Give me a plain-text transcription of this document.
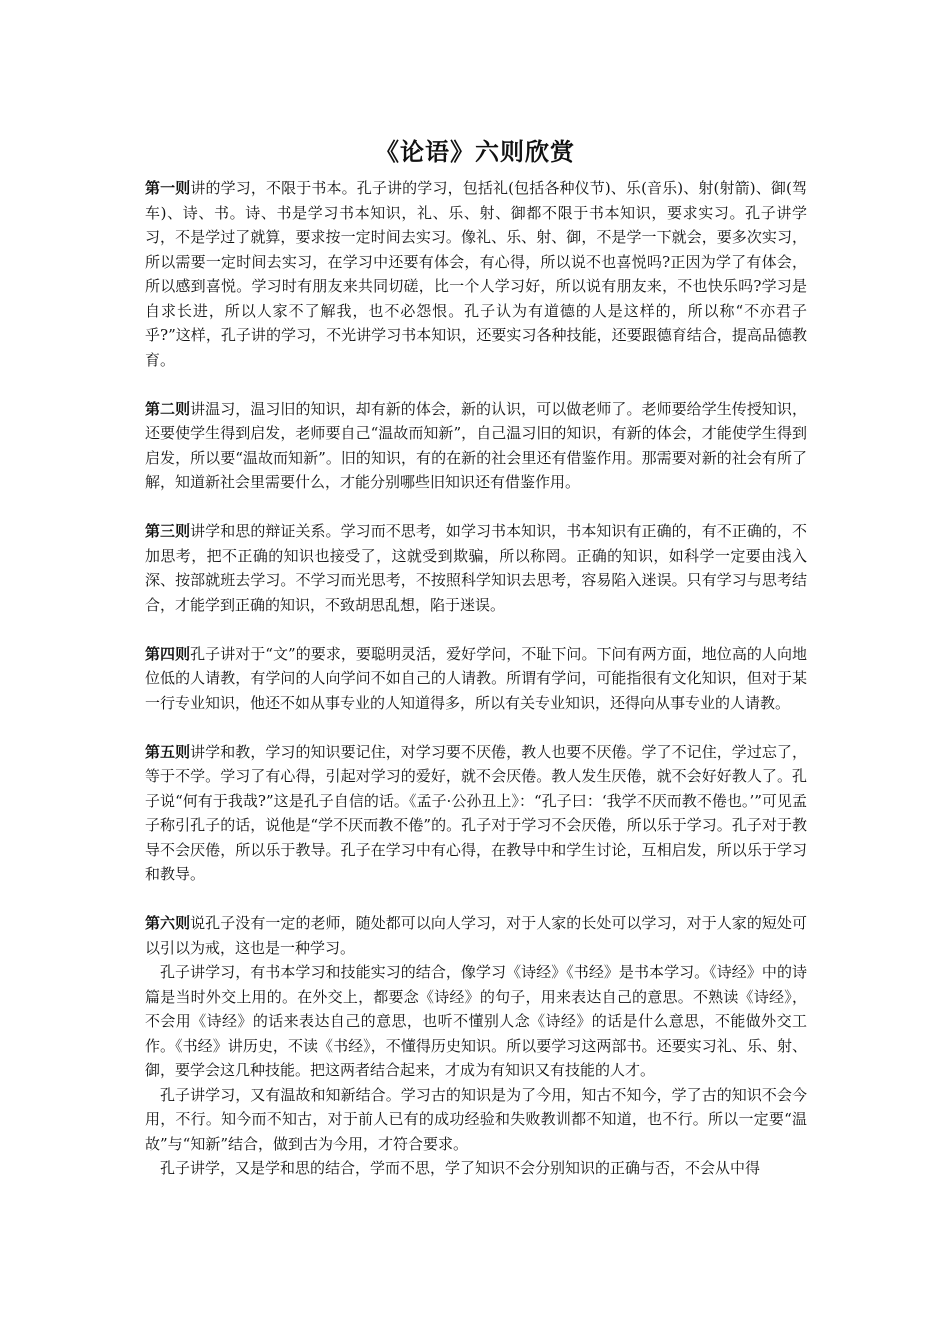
《论语》六则欣赏

第一则讲的学习，不限于书本。孔子讲的学习，包括礼(包括各种仪节)、乐(音乐)、射(射箭)、御(驾车)、诗、书。诗、书是学习书本知识，礼、乐、射、御都不限于书本知识，要求实习。孔子讲学习，不是学过了就算，要求按一定时间去实习。像礼、乐、射、御，不是学一下就会，要多次实习，所以需要一定时间去实习，在学习中还要有体会，有心得，所以说不也喜悦吗?正因为学了有体会，所以感到喜悦。学习时有朋友来共同切磋，比一个人学习好，所以说有朋友来，不也快乐吗?学习是自求长进，所以人家不了解我，也不必怨恨。孔子认为有道德的人是这样的，所以称“不亦君子乎?”这样，孔子讲的学习，不光讲学习书本知识，还要实习各种技能，还要跟德育结合，提高品德教育。

第二则讲温习，温习旧的知识，却有新的体会，新的认识，可以做老师了。老师要给学生传授知识，还要使学生得到启发，老师要自己“温故而知新”，自己温习旧的知识，有新的体会，才能使学生得到启发，所以要“温故而知新”。旧的知识，有的在新的社会里还有借鉴作用。那需要对新的社会有所了解，知道新社会里需要什么，才能分别哪些旧知识还有借鉴作用。

第三则讲学和思的辩证关系。学习而不思考，如学习书本知识，书本知识有正确的，有不正确的，不加思考，把不正确的知识也接受了，这就受到欺骗，所以称罔。正确的知识，如科学一定要由浅入深、按部就班去学习。不学习而光思考，不按照科学知识去思考，容易陷入迷误。只有学习与思考结合，才能学到正确的知识，不致胡思乱想，陷于迷误。

第四则孔子讲对于“文”的要求，要聪明灵活，爱好学问，不耻下问。下问有两方面，地位高的人向地位低的人请教，有学问的人向学问不如自己的人请教。所谓有学问，可能指很有文化知识，但对于某一行专业知识，他还不如从事专业的人知道得多，所以有关专业知识，还得向从事专业的人请教。

第五则讲学和教，学习的知识要记住，对学习要不厌倦，教人也要不厌倦。学了不记住，学过忘了，等于不学。学习了有心得，引起对学习的爱好，就不会厌倦。教人发生厌倦，就不会好好教人了。孔子说“何有于我哉?”这是孔子自信的话。《孟子·公孙丑上》：“孔子曰：‘我学不厌而教不倦也。’”可见孟子称引孔子的话，说他是“学不厌而教不倦”的。孔子对于学习不会厌倦，所以乐于学习。孔子对于教导不会厌倦，所以乐于教导。孔子在学习中有心得，在教导中和学生讨论，互相启发，所以乐于学习和教导。

第六则说孔子没有一定的老师，随处都可以向人学习，对于人家的长处可以学习，对于人家的短处可以引以为戒，这也是一种学习。

孔子讲学习，有书本学习和技能实习的结合，像学习《诗经》《书经》是书本学习。《诗经》中的诗篇是当时外交上用的。在外交上，都要念《诗经》的句子，用来表达自己的意思。不熟读《诗经》，不会用《诗经》的话来表达自己的意思，也听不懂别人念《诗经》的话是什么意思，不能做外交工作。《书经》讲历史，不读《书经》，不懂得历史知识。所以要学习这两部书。还要实习礼、乐、射、御，要学会这几种技能。把这两者结合起来，才成为有知识又有技能的人才。

孔子讲学习，又有温故和知新结合。学习古的知识是为了今用，知古不知今，学了古的知识不会今用，不行。知今而不知古，对于前人已有的成功经验和失败教训都不知道，也不行。所以一定要“温故”与“知新”结合，做到古为今用，才符合要求。

孔子讲学，又是学和思的结合，学而不思，学了知识不会分别知识的正确与否，不会从中得
